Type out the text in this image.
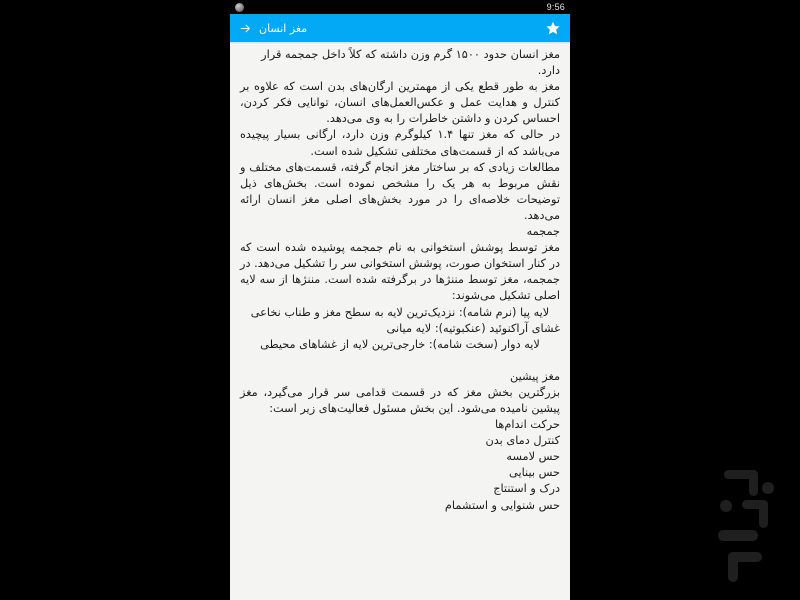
9:56
مغز انسان

مغز انسان حدود ۱۵۰۰ گرم وزن داشته که کلاً داخل جمجمه قرار دارد.

مغز به طور قطع یکی از مهمترین ارگان‌های بدن است که علاوه بر کنترل و هدایت عمل و عکس‌العمل‌های انسان، توانایی فکر کردن، احساس کردن و داشتن خاطرات را به وی می‌دهد.

در حالی که مغز تنها ۱.۴ کیلوگرم وزن دارد، ارگانی بسیار پیچیده می‌باشد که از قسمت‌های مختلفی تشکیل شده است.

مطالعات زیادی که بر ساختار مغز انجام گرفته، قسمت‌های مختلف و نقش مربوط به هر یک را مشخص نموده است. بخش‌های ذیل توضیحات خلاصه‌ای را در مورد بخش‌های اصلی مغز انسان ارائه می‌دهد.

جمجمه

مغز توسط پوشش استخوانی به نام جمجمه پوشیده شده است که در کنار استخوان صورت، پوشش استخوانی سر را تشکیل می‌دهد. در جمجمه، مغز توسط مننژها در برگرفته شده است. مننژها از سه لایه اصلی تشکیل می‌شوند:

لایه پیا (نرم شامه): نزدیک‌ترین لایه به سطح مغز و طناب نخاعی

غشای آراکنوئید (عنکبوتیه): لایه میانی

لایه دوار (سخت شامه): خارجی‌ترین لایه از غشاهای محیطی

مغز پیشین

بزرگترین بخش مغز که در قسمت قدامی سر قرار می‌گیرد، مغز پیشین نامیده می‌شود. این بخش مسئول فعالیت‌های زیر است:

حرکت اندام‌ها

کنترل دمای بدن

حس لامسه

حس بینایی

درک و استنتاج

حس شنوایی و استشمام
